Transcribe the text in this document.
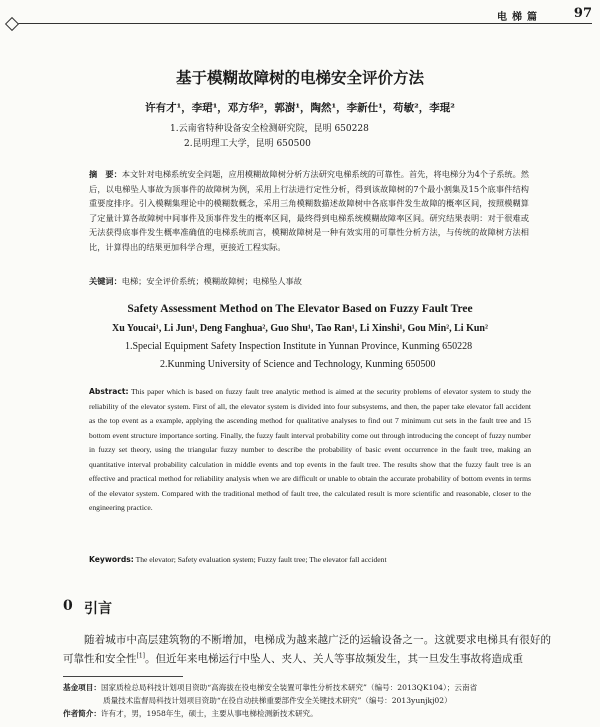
电梯篇 97
基于模糊故障树的电梯安全评价方法
许有才¹，李珺¹，邓方华²，郭澍¹，陶然¹，李新仕¹，苟敏²，李琨²
1.云南省特种设备安全检测研究院，昆明 650228
2.昆明理工大学，昆明 650500
摘　要：本文针对电梯系统安全问题，应用模糊故障树分析方法研究电梯系统的可靠性。首先，将电梯分为4个子系统。然后，以电梯坠人事故为顶事件的故障树为例，采用上行法进行定性分析，得到该故障树的7个最小割集及15个底事件结构重要度排序。引入模糊集理论中的模糊数概念，采用三角模糊数描述故障树中各底事件发生故障的概率区间，按照模糊算了定量计算各故障树中间事件及顶事件发生的概率区间，最终得到电梯系统模糊故障率区间。研究结果表明：对于很难或无法获得底事件发生概率准确值的电梯系统而言，模糊故障树是一种有效实用的可靠性分析方法，与传统的故障树方法相比，计算得出的结果更加科学合理，更接近工程实际。
关键词：电梯；安全评价系统；模糊故障树；电梯坠人事故
Safety Assessment Method on The Elevator Based on Fuzzy Fault Tree
Xu Youcai¹, Li Jun¹, Deng Fanghua², Guo Shu¹, Tao Ran¹, Li Xinshi¹, Gou Min², Li Kun²
1.Special Equipment Safety Inspection Institute in Yunnan Province, Kunming 650228
2.Kunming University of Science and Technology, Kunming 650500
Abstract: This paper which is based on fuzzy fault tree analytic method is aimed at the security problems of elevator system to study the reliability of the elevator system. First of all, the elevator system is divided into four subsystems, and then, the paper take elevator fall accident as the top event as a example, applying the ascending method for qualitative analyses to find out 7 minimum cut sets in the fault tree and 15 bottom event structure importance sorting. Finally, the fuzzy fault interval probability come out through introducing the concept of fuzzy number in fuzzy set theory, using the triangular fuzzy number to describe the probability of basic event occurrence in the fault tree, making an quantitative interval probability calculation in middle events and top events in the fault tree. The results show that the fuzzy fault tree is an effective and practical method for reliability analysis when we are difficult or unable to obtain the accurate probability of bottom events in terms of the elevator system. Compared with the traditional method of fault tree, the calculated result is more scientific and reasonable, closer to the engineering practice.
Keywords: The elevator; Safety evaluation system; Fuzzy fault tree; The elevator fall accident
0 引言
随着城市中高层建筑物的不断增加，电梯成为越来越广泛的运输设备之一。这就要求电梯具有很好的可靠性和安全性[1]。但近年来电梯运行中坠人、夹人、关人等事故频发生，其一旦发生事故将造成重
基金项目：国家质检总局科技计划项目资助“高海拔在役电梯安全装置可靠性分析技术研究”（编号：2013QK104）；云南省
质量技术监督局科技计划项目资助“在役自动扶梯重要部件安全关键技术研究”（编号：2013yunjkj02）
作者简介：许有才，男，1958年生，硕士，主要从事电梯检测新技术研究。
